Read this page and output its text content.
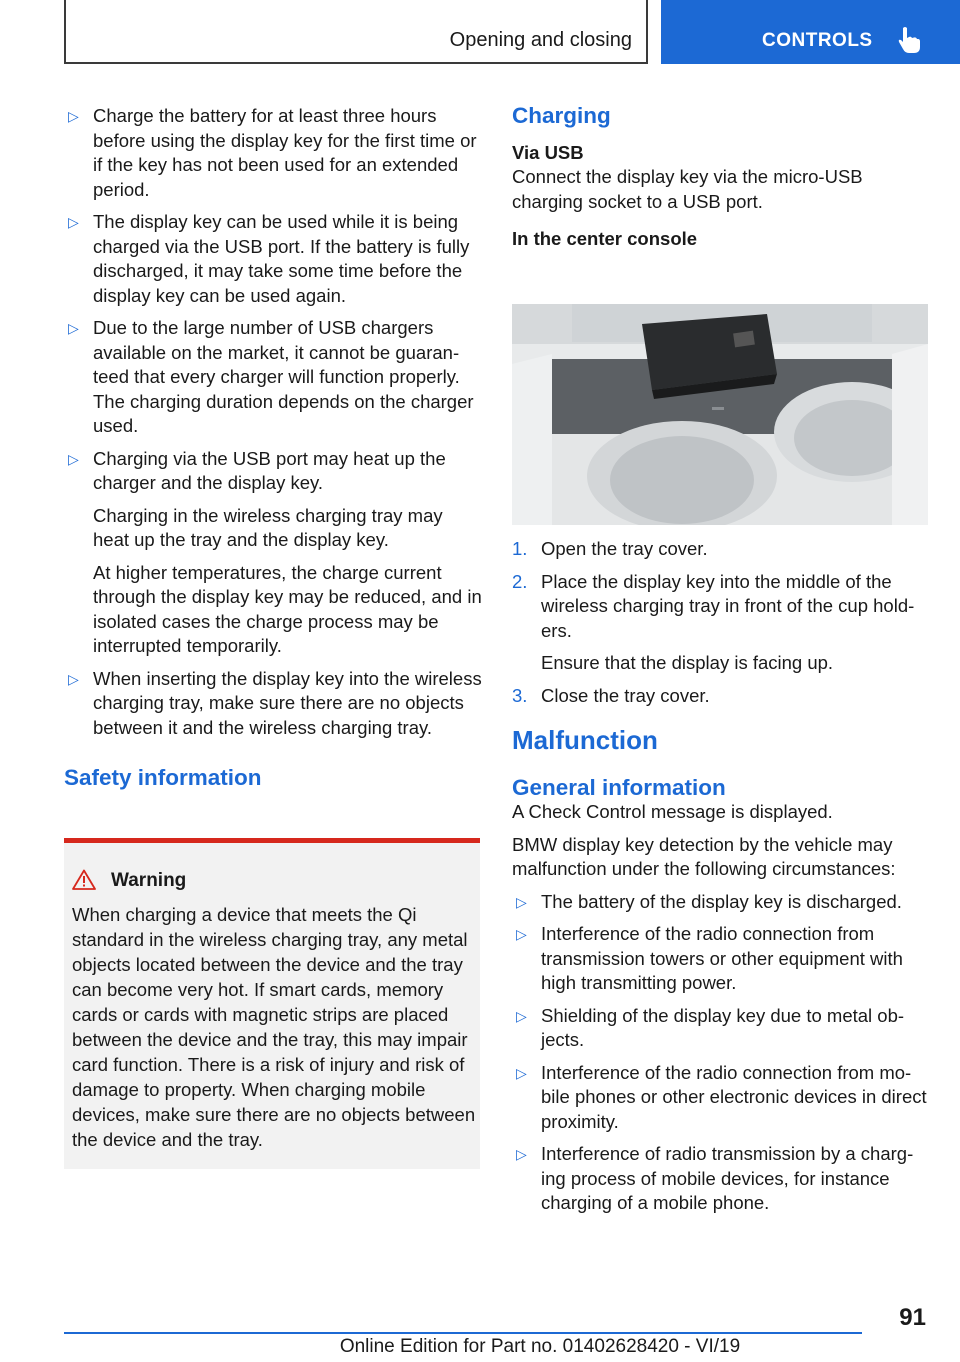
Opening and closing	CONTROLS
▷ Charge the battery for at least three hours before using the display key for the first time or if the key has not been used for an extended period.

▷ The display key can be used while it is being charged via the USB port. If the battery is fully discharged, it may take some time before the display key can be used again.

▷ Due to the large number of USB chargers available on the market, it cannot be guaranteed that every charger will function properly. The charging duration depends on the charger used.

▷ Charging via the USB port may heat up the charger and the display key.

Charging in the wireless charging tray may heat up the tray and the display key.

At higher temperatures, the charge current through the display key may be reduced, and in isolated cases the charge process may be interrupted temporarily.

▷ When inserting the display key into the wireless charging tray, make sure there are no objects between it and the wireless charging tray.

Safety information
Warning
When charging a device that meets the Qi standard in the wireless charging tray, any metal objects located between the device and the tray can become very hot. If smart cards, memory cards or cards with magnetic strips are placed between the device and the tray, this may impair card function. There is a risk of injury and risk of damage to property. When charging mobile devices, make sure there are no objects between the device and the tray.
Charging
Via USB

Connect the display key via the micro-USB charging socket to a USB port.

In the center console
1. Open the tray cover.

2. Place the display key into the middle of the wireless charging tray in front of the cup holders.

Ensure that the display is facing up.

3. Close the tray cover.

Malfunction
General information

A Check Control message is displayed.

BMW display key detection by the vehicle may malfunction under the following circumstances:

▷ The battery of the display key is discharged.

▷ Interference of the radio connection from transmission towers or other equipment with high transmitting power.

▷ Shielding of the display key due to metal objects.

▷ Interference of the radio connection from mobile phones or other electronic devices in direct proximity.

▷ Interference of radio transmission by a charging process of mobile devices, for instance charging of a mobile phone.

91
Online Edition for Part no. 01402628420 - VI/19
